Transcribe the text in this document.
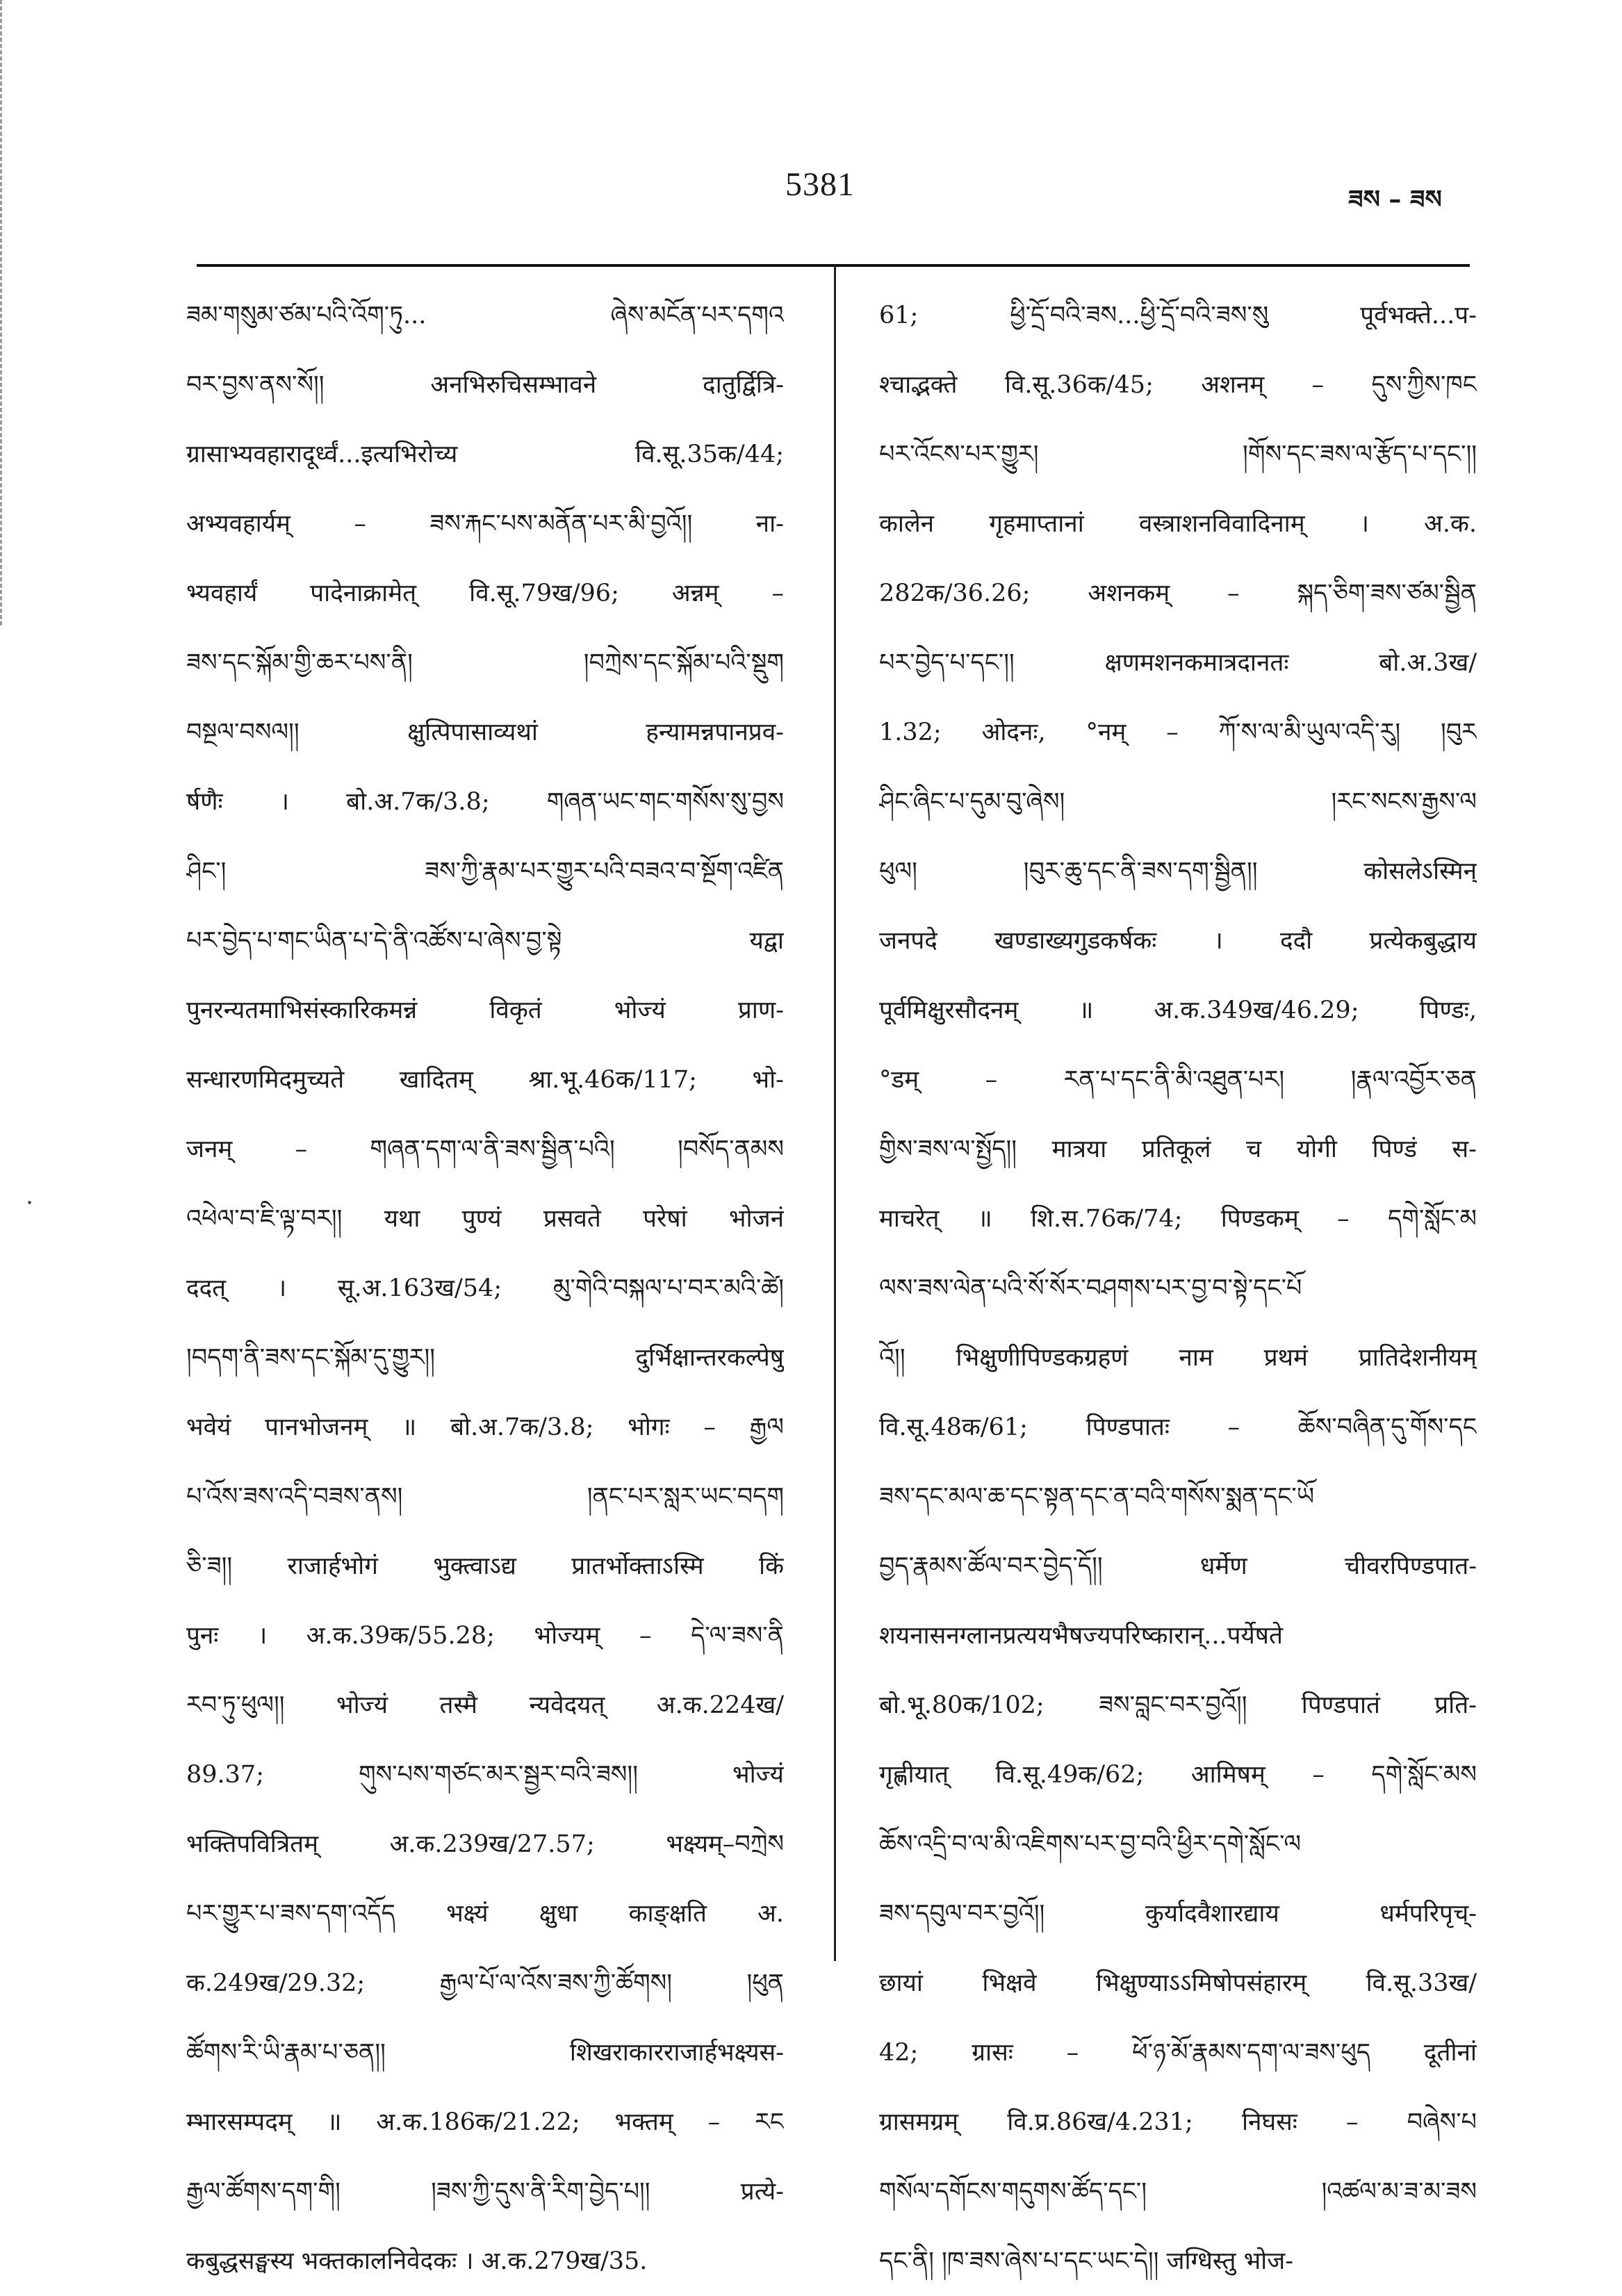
5381	ཟས – ཟས
ཟམ་གསུམ་ཙམ་པའི་འོག་ཏུ... ཞེས་མངོན་པར་དགའ
བར་བྱས་ནས་སོ།། अनभिरुचिसम्भावने दातुर्द्वित्रि-
ग्रासाभ्यवहारादूर्ध्वं...इत्यभिरोच्य वि.सू.35क/44;
अभ्यवहार्यम् – ཟས་རྐང་པས་མནོན་པར་མི་བྱའོ།། ना-
भ्यवहार्यं पादेनाक्रामेत् वि.सू.79ख/96; अन्नम् –
ཟས་དང་སྐོམ་གྱི་ཆར་པས་ནི། །བཀྲེས་དང་སྐོམ་པའི་སྡུག
བསྔལ་བསལ།། क्षुत्पिपासाव्यथां हन्यामन्नपानप्रव-
र्षणैः । बो.अ.7क/3.8; གཞན་ཡང་གང་གསོས་སུ་བྱས
ཤིང་། ཟས་ཀྱི་རྣམ་པར་གྱུར་པའི་བཟའ་བ་སྔོག་འཛིན
པར་བྱེད་པ་གང་ཡིན་པ་དེ་ནི་འཚོས་པ་ཞེས་བྱ་སྟེ यद्वा
पुनरन्यतमाभिसंस्कारिकमन्नं विकृतं भोज्यं प्राण-
सन्धारणमिदमुच्यते खादितम् श्रा.भू.46क/117; भो-
जनम् – གཞན་དག་ལ་ནི་ཟས་སྦྱིན་པའི། །བསོད་ནམས
འཕེལ་བ་ཇི་ལྟ་བར།། यथा पुण्यं प्रसवते परेषां भोजनं
ददत् । सू.अ.163ख/54; མུ་གེའི་བསྐལ་པ་བར་མའི་ཚེ།
།བདག་ནི་ཟས་དང་སྐོམ་དུ་གྱུར།། दुर्भिक्षान्तरकल्पेषु
भवेयं पानभोजनम् ॥ बो.अ.7क/3.8; भोगः – རྒྱལ
པ་འོས་ཟས་འདི་བཟས་ནས། །ནང་པར་སླར་ཡང་བདག
ཅི་ཟ།། राजार्हभोगं भुक्त्वाऽद्य प्रातर्भोक्ताऽस्मि किं
पुनः । अ.क.39क/55.28; भोज्यम् – དེ་ལ་ཟས་ནི
རབ་ཏུ་ཕུལ།། भोज्यं तस्मै न्यवेदयत् अ.क.224ख/
89.37; གུས་པས་གཙང་མར་སྦྱར་བའི་ཟས།། भोज्यं
भक्तिपवित्रितम् अ.क.239ख/27.57; भक्ष्यम्–བཀྲེས
པར་གྱུར་པ་ཟས་དག་འདོད भक्ष्यं क्षुधा काङ्क्षति अ.
क.249ख/29.32; རྒྱལ་པོ་ལ་འོས་ཟས་ཀྱི་ཚོགས། །ཕུན
ཚོགས་རི་ཡི་རྣམ་པ་ཅན།། शिखराकारराजार्हभक्ष्यस-
म्भारसम्पदम् ॥ अ.क.186क/21.22; भक्तम् – རང
རྒྱལ་ཚོགས་དག་གི། །ཟས་ཀྱི་དུས་ནི་རིག་བྱེད་པ།། प्रत्ये-
कबुद्धसङ्घस्य भक्तकालनिवेदकः । अ.क.279ख/35.
61; ཕྱི་དྲོ་བའི་ཟས...ཕྱི་དྲོ་བའི་ཟས་སུ पूर्वभक्ते...प-
श्चाद्भक्ते वि.सू.36क/45; अशनम् – དུས་ཀྱིས་ཁང
པར་འོངས་པར་གྱུར། །གོས་དང་ཟས་ལ་རྩོད་པ་དང་།།
कालेन गृहमाप्तानां वस्त्राशनविवादिनाम् । अ.क.
282क/36.26; अशनकम् – སྐད་ཅིག་ཟས་ཙམ་སྦྱིན
པར་བྱེད་པ་དང་།། क्षणमशनकमात्रदानतः बो.अ.3ख/
1.32; ओदनः, °नम् – ཀོ་ས་ལ་མི་ཡུལ་འདི་རུ། །བུར
ཤིང་ཞིང་པ་དུམ་བུ་ཞེས། །རང་སངས་རྒྱས་ལ
ཕུལ། །བུར་ཆུ་དང་ནི་ཟས་དག་སྦྱིན།། कोसलेऽस्मिन्
जनपदे खण्डाख्यगुडकर्षकः । ददौ प्रत्येकबुद्धाय
पूर्वमिक्षुरसौदनम् ॥ अ.क.349ख/46.29; पिण्डः,
°डम् – རན་པ་དང་ནི་མི་འཐུན་པར། །རྣལ་འབྱོར་ཅན
གྱིས་ཟས་ལ་སྤྱོད།། मात्रया प्रतिकूलं च योगी पिण्डं स-
माचरेत् ॥ शि.स.76क/74; पिण्डकम् – དགེ་སློང་མ
ལས་ཟས་ལེན་པའི་སོ་སོར་བཤགས་པར་བྱ་བ་སྟེ་དང་པོ
འོ།། भिक्षुणीपिण्डकग्रहणं नाम प्रथमं प्रातिदेशनीयम्
वि.सू.48क/61; पिण्डपातः – ཆོས་བཞིན་དུ་གོས་དང
ཟས་དང་མལ་ཆ་དང་སྟན་དང་ན་བའི་གསོས་སྨན་དང་ཡོ
བྱད་རྣམས་ཚོལ་བར་བྱེད་དོ།། धर्मेण चीवरपिण्डपात-
शयनासनग्लानप्रत्ययभैषज्यपरिष्कारान्...पर्येषते
बो.भू.80क/102; ཟས་བླང་བར་བྱའོ།། पिण्डपातं प्रति-
गृह्णीयात् वि.सू.49क/62; आमिषम् – དགེ་སློང་མས
ཆོས་འདྲི་བ་ལ་མི་འཇིགས་པར་བྱ་བའི་ཕྱིར་དགེ་སློང་ལ
ཟས་དབུལ་བར་བྱའོ།། कुर्यादवैशारद्याय धर्मपरिपृच्-
छायां भिक्षवे भिक्षुण्याऽऽमिषोपसंहारम् वि.सू.33ख/
42; ग्रासः – ཕོ་ཉ་མོ་རྣམས་དག་ལ་ཟས་ཕུད दूतीनां
ग्रासमग्रम् वि.प्र.86ख/4.231; निघसः – བཞེས་པ
གསོལ་དགོངས་གདུགས་ཚོད་དང་། །འཚལ་མ་ཟ་མ་ཟས
དང་ནི། །ཁ་ཟས་ཞེས་པ་དང་ཡང་དེ།། जग्धिस्तु भोज-
